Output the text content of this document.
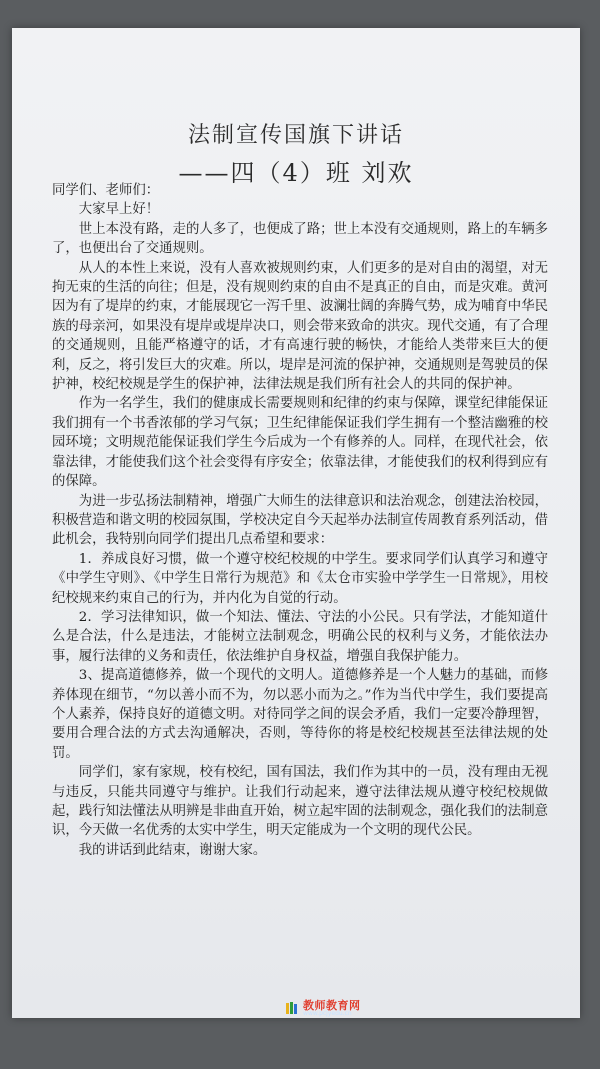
法制宣传国旗下讲话
——四（4）班 刘欢

同学们、老师们：

大家早上好！

世上本没有路，走的人多了，也便成了路；世上本没有交通规则，路上的车辆多了，也便出台了交通规则。

从人的本性上来说，没有人喜欢被规则约束，人们更多的是对自由的渴望，对无拘无束的生活的向往；但是，没有规则约束的自由不是真正的自由，而是灾难。黄河因为有了堤岸的约束，才能展现它一泻千里、波澜壮阔的奔腾气势，成为哺育中华民族的母亲河，如果没有堤岸或堤岸决口，则会带来致命的洪灾。现代交通，有了合理的交通规则，且能严格遵守的话，才有高速行驶的畅快，才能给人类带来巨大的便利，反之，将引发巨大的灾难。所以，堤岸是河流的保护神，交通规则是驾驶员的保护神，校纪校规是学生的保护神，法律法规是我们所有社会人的共同的保护神。

作为一名学生，我们的健康成长需要规则和纪律的约束与保障，课堂纪律能保证我们拥有一个书香浓郁的学习气氛；卫生纪律能保证我们学生拥有一个整洁幽雅的校园环境；文明规范能保证我们学生今后成为一个有修养的人。同样，在现代社会，依靠法律，才能使我们这个社会变得有序安全；依靠法律，才能使我们的权利得到应有的保障。

为进一步弘扬法制精神，增强广大师生的法律意识和法治观念，创建法治校园，积极营造和谐文明的校园氛围，学校决定自今天起举办法制宣传周教育系列活动，借此机会，我特别向同学们提出几点希望和要求：

1．养成良好习惯，做一个遵守校纪校规的中学生。要求同学们认真学习和遵守《中学生守则》、《中学生日常行为规范》和《太仓市实验中学学生一日常规》，用校纪校规来约束自己的行为，并内化为自觉的行动。

2．学习法律知识，做一个知法、懂法、守法的小公民。只有学法，才能知道什么是合法，什么是违法，才能树立法制观念，明确公民的权利与义务，才能依法办事，履行法律的义务和责任，依法维护自身权益，增强自我保护能力。

3、提高道德修养，做一个现代的文明人。道德修养是一个人魅力的基础，而修养体现在细节，“勿以善小而不为，勿以恶小而为之。”作为当代中学生，我们要提高个人素养，保持良好的道德文明。对待同学之间的误会矛盾，我们一定要冷静理智，要用合理合法的方式去沟通解决，否则，等待你的将是校纪校规甚至法律法规的处罚。

同学们，家有家规，校有校纪，国有国法，我们作为其中的一员，没有理由无视与违反，只能共同遵守与维护。让我们行动起来，遵守法律法规从遵守校纪校规做起，践行知法懂法从明辨是非曲直开始，树立起牢固的法制观念，强化我们的法制意识，今天做一名优秀的太实中学生，明天定能成为一个文明的现代公民。

我的讲话到此结束，谢谢大家。

教师教育网
www.pcjyedu.cn
